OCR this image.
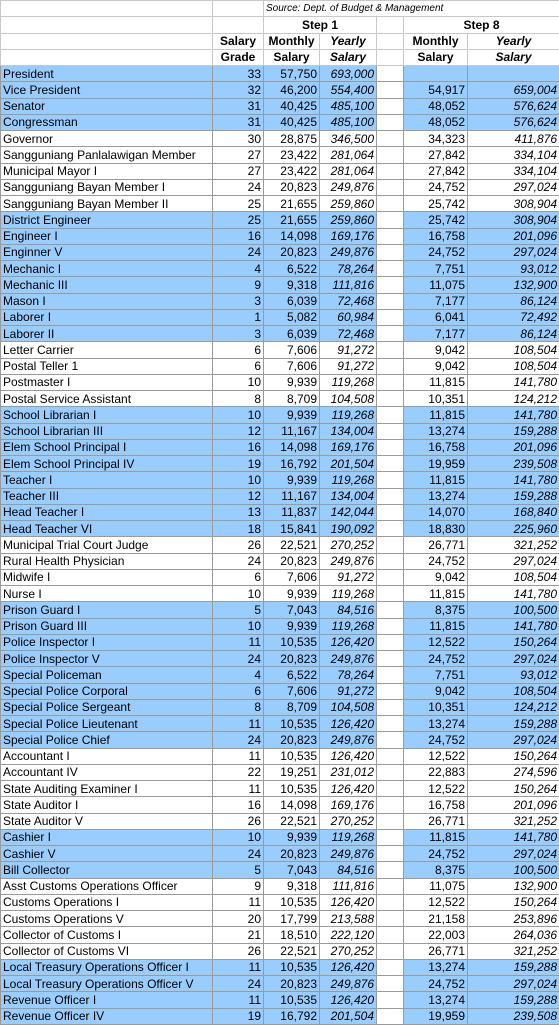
		Source: Dept. of Budget & Management				
		Step 1			Step 8	
	Salary	Monthly	Yearly		Monthly	Yearly
	Grade	Salary	Salary		Salary	Salary
President	33	57,750	693,000			
Vice President	32	46,200	554,400		54,917	659,004
Senator	31	40,425	485,100		48,052	576,624
Congressman	31	40,425	485,100		48,052	576,624
Governor	30	28,875	346,500		34,323	411,876
Sangguniang Panlalawigan Member	27	23,422	281,064		27,842	334,104
Municipal Mayor I	27	23,422	281,064		27,842	334,104
Sangguniang Bayan Member I	24	20,823	249,876		24,752	297,024
Sangguniang Bayan Member II	25	21,655	259,860		25,742	308,904
District Engineer	25	21,655	259,860		25,742	308,904
Engineer I	16	14,098	169,176		16,758	201,096
Enginner V	24	20,823	249,876		24,752	297,024
Mechanic I	4	6,522	78,264		7,751	93,012
Mechanic III	9	9,318	111,816		11,075	132,900
Mason I	3	6,039	72,468		7,177	86,124
Laborer I	1	5,082	60,984		6,041	72,492
Laborer II	3	6,039	72,468		7,177	86,124
Letter Carrier	6	7,606	91,272		9,042	108,504
Postal Teller 1	6	7,606	91,272		9,042	108,504
Postmaster I	10	9,939	119,268		11,815	141,780
Postal Service Assistant	8	8,709	104,508		10,351	124,212
School Librarian I	10	9,939	119,268		11,815	141,780
School Librarian III	12	11,167	134,004		13,274	159,288
Elem School Principal I	16	14,098	169,176		16,758	201,096
Elem School Principal IV	19	16,792	201,504		19,959	239,508
Teacher I	10	9,939	119,268		11,815	141,780
Teacher III	12	11,167	134,004		13,274	159,288
Head Teacher I	13	11,837	142,044		14,070	168,840
Head Teacher VI	18	15,841	190,092		18,830	225,960
Municipal Trial Court Judge	26	22,521	270,252		26,771	321,252
Rural Health Physician	24	20,823	249,876		24,752	297,024
Midwife I	6	7,606	91,272		9,042	108,504
Nurse I	10	9,939	119,268		11,815	141,780
Prison Guard I	5	7,043	84,516		8,375	100,500
Prison Guard III	10	9,939	119,268		11,815	141,780
Police Inspector I	11	10,535	126,420		12,522	150,264
Police Inspector V	24	20,823	249,876		24,752	297,024
Special Policeman	4	6,522	78,264		7,751	93,012
Special Police Corporal	6	7,606	91,272		9,042	108,504
Special Police Sergeant	8	8,709	104,508		10,351	124,212
Special Police Lieutenant	11	10,535	126,420		13,274	159,288
Special Police Chief	24	20,823	249,876		24,752	297,024
Accountant I	11	10,535	126,420		12,522	150,264
Accountant IV	22	19,251	231,012		22,883	274,596
State Auditing Examiner I	11	10,535	126,420		12,522	150,264
State Auditor I	16	14,098	169,176		16,758	201,096
State Auditor V	26	22,521	270,252		26,771	321,252
Cashier I	10	9,939	119,268		11,815	141,780
Cashier V	24	20,823	249,876		24,752	297,024
Bill Collector	5	7,043	84,516		8,375	100,500
Asst Customs Operations Officer	9	9,318	111,816		11,075	132,900
Customs Operations I	11	10,535	126,420		12,522	150,264
Customs Operations V	20	17,799	213,588		21,158	253,896
Collector of Customs I	21	18,510	222,120		22,003	264,036
Collector of Customs VI	26	22,521	270,252		26,771	321,252
Local Treasury Operations Officer I	11	10,535	126,420		13,274	159,288
Local Treasury Operations Officer V	24	20,823	249,876		24,752	297,024
Revenue Officer I	11	10,535	126,420		13,274	159,288
Revenue Officer IV	19	16,792	201,504		19,959	239,508
